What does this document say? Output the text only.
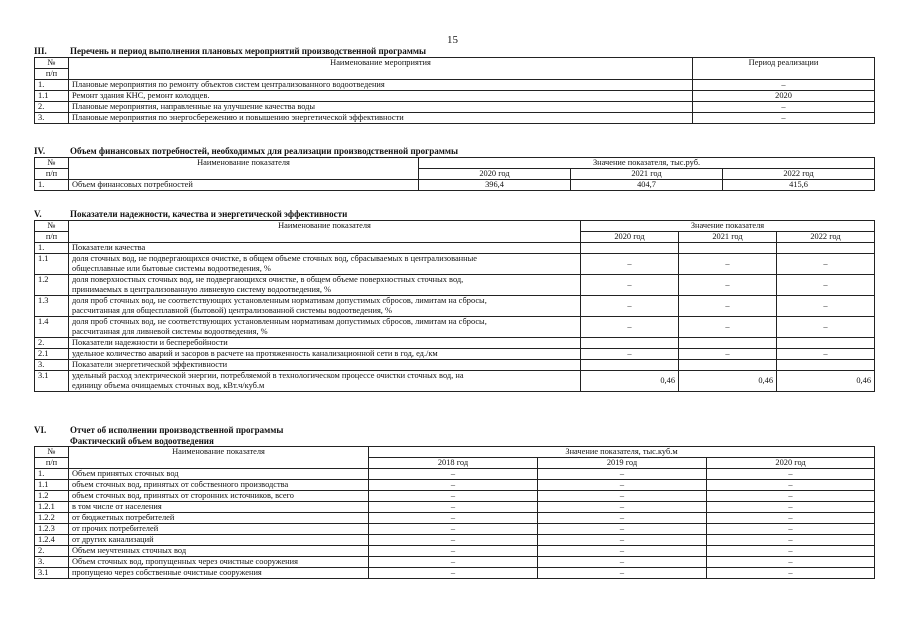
15
III.	Перечень и период выполнения плановых мероприятий производственной программы
№	Наименование мероприятия	Период реализации
п/п		
1.	Плановые мероприятия по ремонту объектов систем централизованного водоотведения	–
1.1	Ремонт здания КНС, ремонт колодцев.	2020
2.	Плановые мероприятия, направленные на улучшение качества воды	–
3.	Плановые мероприятия по энергосбережению и повышению энергетической эффективности	–
IV.	Объем финансовых потребностей, необходимых для реализации производственной программы
№	Наименование показателя	Значение показателя, тыс.руб.		
п/п		2020 год	2021 год	2022 год
1.	Объем финансовых потребностей	396,4	404,7	415,6
V.	Показатели надежности, качества и энергетической эффективности
№	Наименование показателя	Значение показателя		
п/п		2020 год	2021 год	2022 год
1.	Показатели качества			

1.1	доля сточных вод, не подвергающихся очистке, в общем объеме сточных вод, сбрасываемых в централизованные
общесплавные или бытовые системы водоотведения, %	–	–	–
1.2	доля поверхностных сточных вод, не подвергающихся очистке, в общем объеме поверхностных сточных вод,
принимаемых в централизованную ливневую систему водоотведения, %	–	–	–
1.3	доля проб сточных вод, не соответствующих установленным нормативам допустимых сбросов, лимитам на сбросы,
рассчитанная для общесплавной (бытовой) централизованной системы водоотведения, %	–	–	–
1.4	доля проб сточных вод, не соответствующих установленным нормативам допустимых сбросов, лимитам на сбросы,
рассчитанная для ливневой системы водоотведения, %	–	–	–
2.	Показатели надежности и бесперебойности			

2.1	удельное количество аварий и засоров в расчете на протяженность канализационной сети в год, ед./км	–	–	–
3.	Показатели энергетической эффективности			

3.1	удельный расход электрической энергии, потребляемой в технологическом процессе очистки сточных вод, на
единицу объема очищаемых сточных вод, кВт.ч/куб.м	0,46	0,46	0,46
VI.	Отчет об исполнении производственной программы
Фактический объем водоотведения
№	Наименование показателя	Значение показателя, тыс.куб.м		
п/п		2018 год	2019 год	2020 год
1.	Объем принятых сточных вод	–	–	–
1.1	объем сточных вод, принятых от собственного производства	–	–	–
1.2	объем сточных вод, принятых от сторонних источников, всего	–	–	–
1.2.1	в том числе от населения	–	–	–
1.2.2	от бюджетных потребителей	–	–	–
1.2.3	от прочих потребителей	–	–	–
1.2.4	от других канализаций	–	–	–
2.	Объем неучтенных сточных вод	–	–	–
3.	Объем сточных вод, пропущенных через очистные сооружения	–	–	–
3.1	пропущено через собственные очистные сооружения	–	–	–
